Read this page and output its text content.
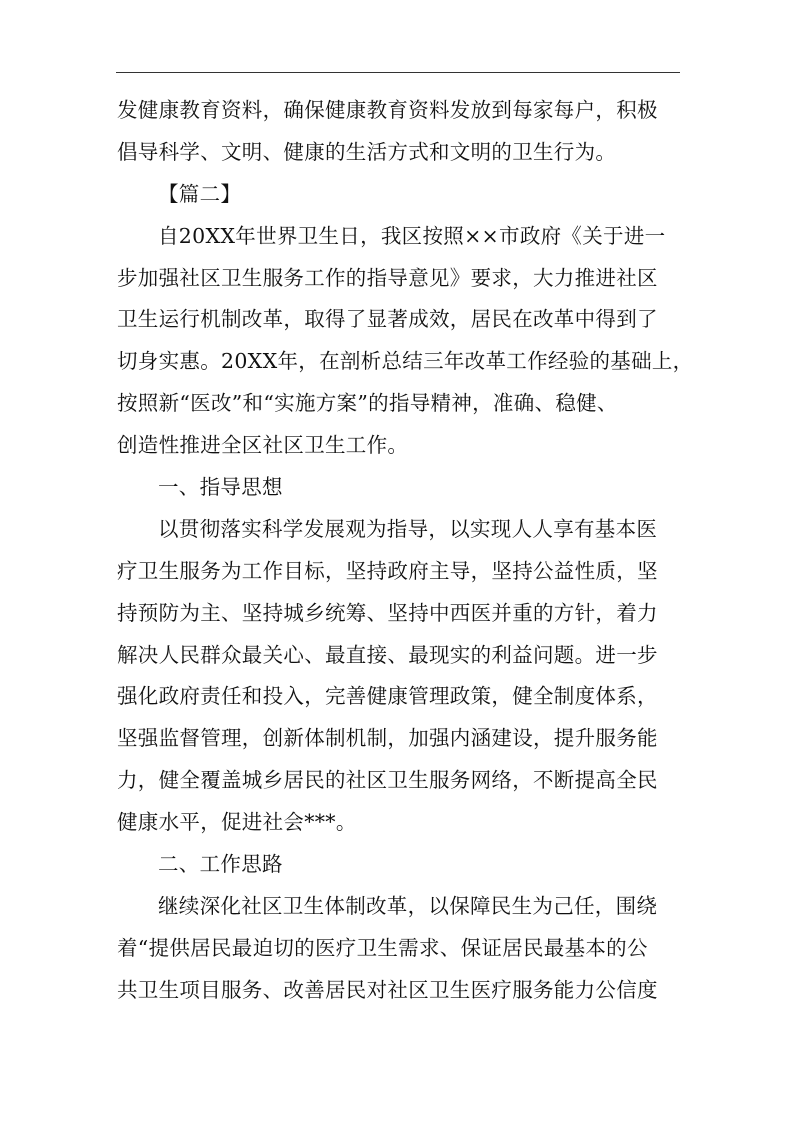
发健康教育资料，确保健康教育资料发放到每家每户，积极
倡导科学、文明、健康的生活方式和文明的卫生行为。
【篇二】
自20XX年世界卫生日，我区按照××市政府《关于进一
步加强社区卫生服务工作的指导意见》要求，大力推进社区
卫生运行机制改革，取得了显著成效，居民在改革中得到了
切身实惠。20XX年，在剖析总结三年改革工作经验的基础上，
按照新“医改”和“实施方案”的指导精神，准确、稳健、
创造性推进全区社区卫生工作。
一、指导思想
以贯彻落实科学发展观为指导，以实现人人享有基本医
疗卫生服务为工作目标，坚持政府主导，坚持公益性质，坚
持预防为主、坚持城乡统筹、坚持中西医并重的方针，着力
解决人民群众最关心、最直接、最现实的利益问题。进一步
强化政府责任和投入，完善健康管理政策，健全制度体系，
坚强监督管理，创新体制机制，加强内涵建设，提升服务能
力，健全覆盖城乡居民的社区卫生服务网络，不断提高全民
健康水平，促进社会***。
二、工作思路
继续深化社区卫生体制改革，以保障民生为己任，围绕
着“提供居民最迫切的医疗卫生需求、保证居民最基本的公
共卫生项目服务、改善居民对社区卫生医疗服务能力公信度
